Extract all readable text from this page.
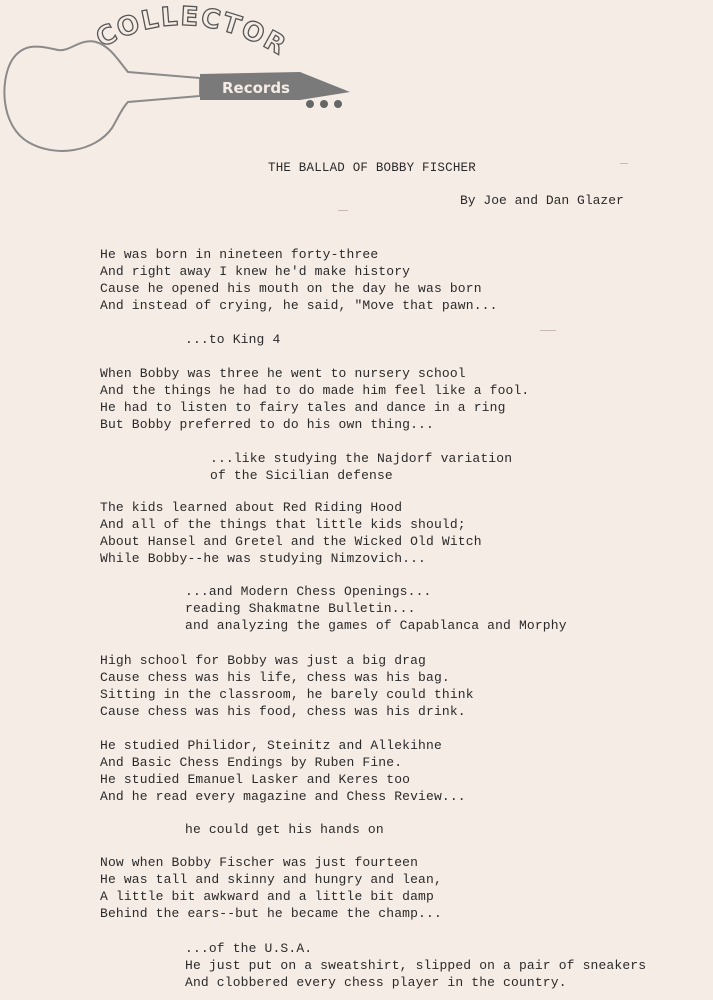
COLLECTOR
Records
THE BALLAD OF BOBBY FISCHER
By Joe and Dan Glazer
He was born in nineteen forty-three
And right away I knew he'd make history
Cause he opened his mouth on the day he was born
And instead of crying, he said, "Move that pawn...
...to King 4
When Bobby was three he went to nursery school
And the things he had to do made him feel like a fool.
He had to listen to fairy tales and dance in a ring
But Bobby preferred to do his own thing...
...like studying the Najdorf variation
of the Sicilian defense
The kids learned about Red Riding Hood
And all of the things that little kids should;
About Hansel and Gretel and the Wicked Old Witch
While Bobby--he was studying Nimzovich...
...and Modern Chess Openings...
reading Shakmatne Bulletin...
and analyzing the games of Capablanca and Morphy
High school for Bobby was just a big drag
Cause chess was his life, chess was his bag.
Sitting in the classroom, he barely could think
Cause chess was his food, chess was his drink.
He studied Philidor, Steinitz and Allekihne
And Basic Chess Endings by Ruben Fine.
He studied Emanuel Lasker and Keres too
And he read every magazine and Chess Review...
he could get his hands on
Now when Bobby Fischer was just fourteen
He was tall and skinny and hungry and lean,
A little bit awkward and a little bit damp
Behind the ears--but he became the champ...
...of the U.S.A.
He just put on a sweatshirt, slipped on a pair of sneakers
And clobbered every chess player in the country.
